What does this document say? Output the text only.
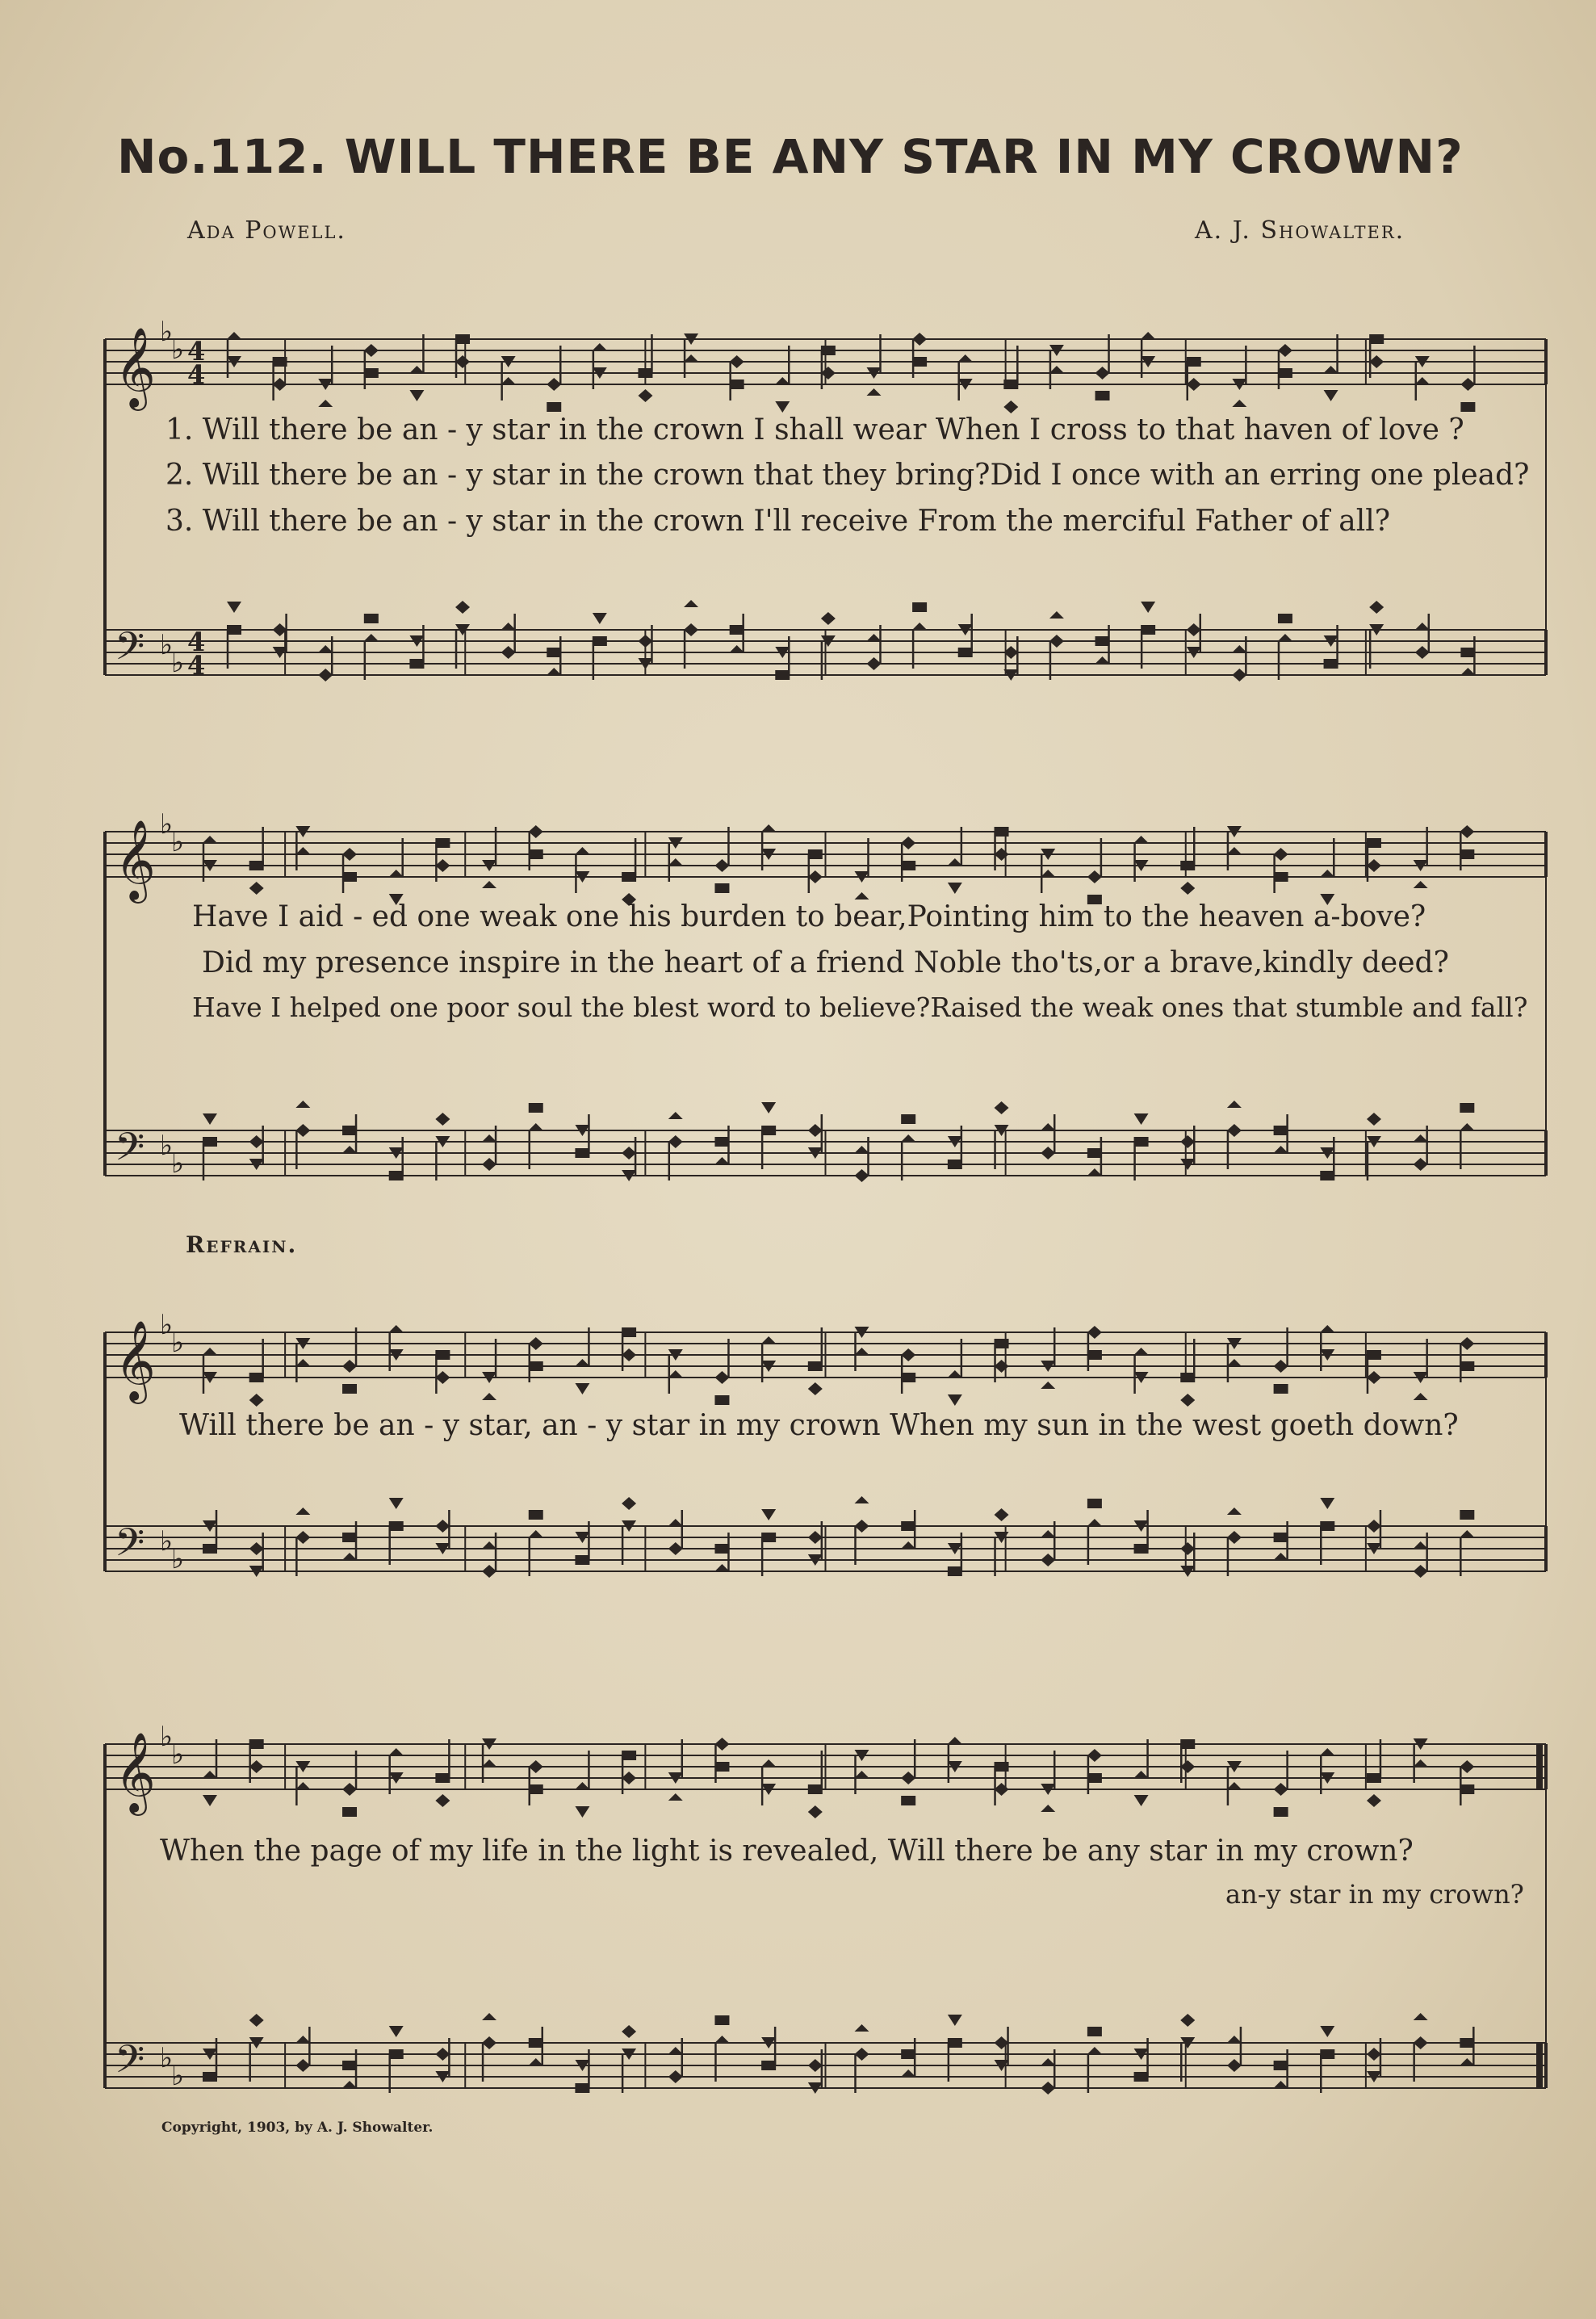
No.112. WILL THERE BE ANY STAR IN MY CROWN?
Ada Powell.	A. J. Showalter.
𝄞 ♭
♭ 4
4
𝄢 ♭
♭
4
4
1. Will there be an - y star in the crown I shall wear When I cross to that haven of love ?
2. Will there be an - y star in the crown that they bring?Did I once with an erring one plead?
3. Will there be an - y star in the crown I'll receive From the merciful Father of all?
𝄞 ♭
♭
𝄢 ♭
♭
Have I aid - ed one weak one his burden to bear,Pointing him to the heaven a-bove?
Did my presence inspire in the heart of a friend Noble tho'ts,or a brave,kindly deed?
Have I helped one poor soul the blest word to believe?Raised the weak ones that stumble and fall?
Refrain.
𝄞 ♭
♭
𝄢 ♭
♭
Will there be an - y star, an - y star in my crown When my sun in the west goeth down?
𝄞 ♭
♭
𝄢 ♭
♭
When the page of my life in the light is revealed, Will there be any star in my crown?
an-y star in my crown?
Copyright, 1903, by A. J. Showalter.
